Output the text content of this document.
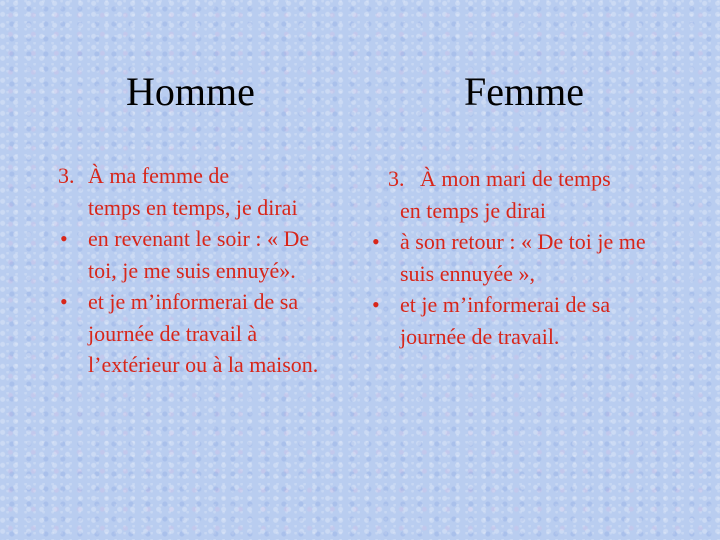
Homme	Femme
3. À ma femme de
temps en temps, je dirai
• en revenant le soir : « De toi, je me suis ennuyé».
• et je m’informerai de sa journée de travail à l’extérieur ou à la maison.
3. À mon mari de temps
en temps je dirai
• à son retour : « De toi je me suis ennuyée »,
• et je m’informerai de sa journée de travail.
